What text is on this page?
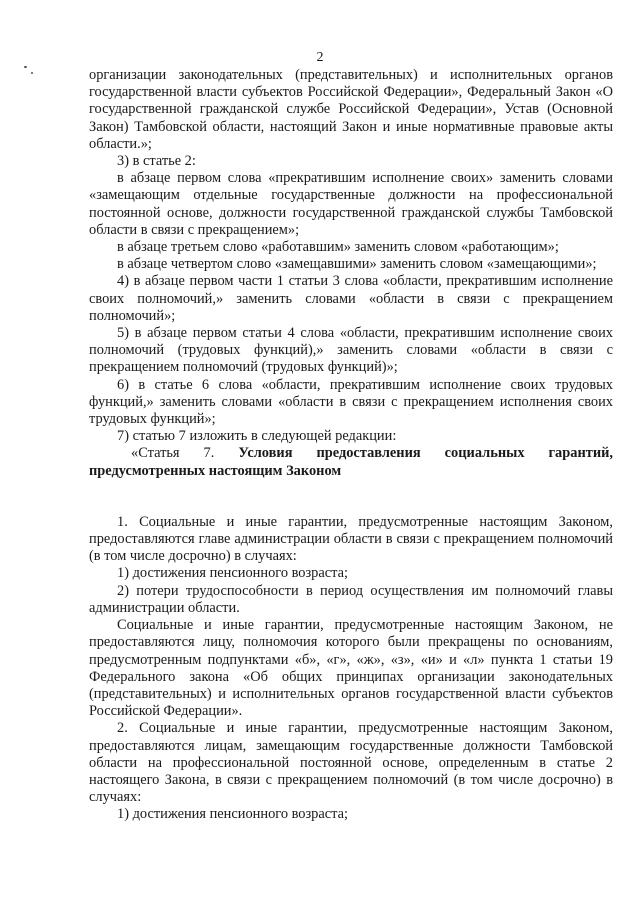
2

организации законодательных (представительных) и исполнительных органов государственной власти субъектов Российской Федерации», Федеральный Закон «О государственной гражданской службе Российской Федерации», Устав (Основной Закон) Тамбовской области, настоящий Закон и иные нормативные правовые акты области.»;

3) в статье 2:

в абзаце первом слова «прекратившим исполнение своих» заменить словами «замещающим отдельные государственные должности на профессиональной постоянной основе, должности государственной гражданской службы Тамбовской области в связи с прекращением»;

в абзаце третьем слово «работавшим» заменить словом «работающим»;

в абзаце четвертом слово «замещавшими» заменить словом «замещающими»;

4) в абзаце первом части 1 статьи 3 слова «области, прекратившим исполнение своих полномочий,» заменить словами «области в связи с прекращением полномочий»;

5) в абзаце первом статьи 4 слова «области, прекратившим исполнение своих полномочий (трудовых функций),» заменить словами «области в связи с прекращением полномочий (трудовых функций)»;

6) в статье 6 слова «области, прекратившим исполнение своих трудовых функций,» заменить словами «области в связи с прекращением исполнения своих трудовых функций»;

7) статью 7 изложить в следующей редакции:

«Статья 7. Условия предоставления социальных гарантий, предусмотренных настоящим Законом

1. Социальные и иные гарантии, предусмотренные настоящим Законом, предоставляются главе администрации области в связи с прекращением полномочий (в том числе досрочно) в случаях:

1) достижения пенсионного возраста;

2) потери трудоспособности в период осуществления им полномочий главы администрации области.

Социальные и иные гарантии, предусмотренные настоящим Законом, не предоставляются лицу, полномочия которого были прекращены по основаниям, предусмотренным подпунктами «б», «г», «ж», «з», «и» и «л» пункта 1 статьи 19 Федерального закона «Об общих принципах организации законодательных (представительных) и исполнительных органов государственной власти субъектов Российской Федерации».

2. Социальные и иные гарантии, предусмотренные настоящим Законом, предоставляются лицам, замещающим государственные должности Тамбовской области на профессиональной постоянной основе, определенным в статье 2 настоящего Закона, в связи с прекращением полномочий (в том числе досрочно) в случаях:

1) достижения пенсионного возраста;
